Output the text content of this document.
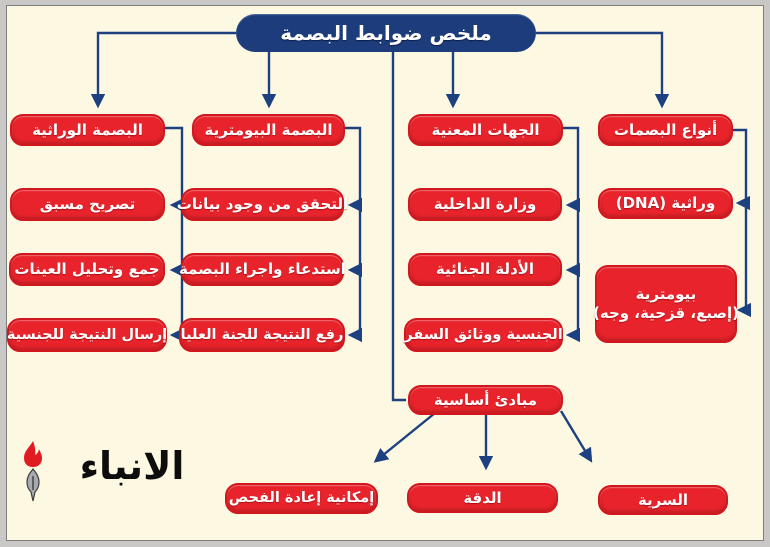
ملخص ضوابط البصمة
البصمة الوراثية
تصريح مسبق
جمع وتحليل العينات
إرسال النتيجة للجنسية
البصمة البيومترية
التحقق من وجود بيانات
استدعاء واجراء البصمة
رفع النتيجة للجنة العليا
الجهات المعنية
وزارة الداخلية
الأدلة الجنائية
الجنسية ووثائق السفر
أنواع البصمات
وراثية (DNA)
بيومترية
(إصبع، قزحية، وجه)
مبادئ أساسية
إمكانية إعادة الفحص	الدقة	السرية
الانباء
